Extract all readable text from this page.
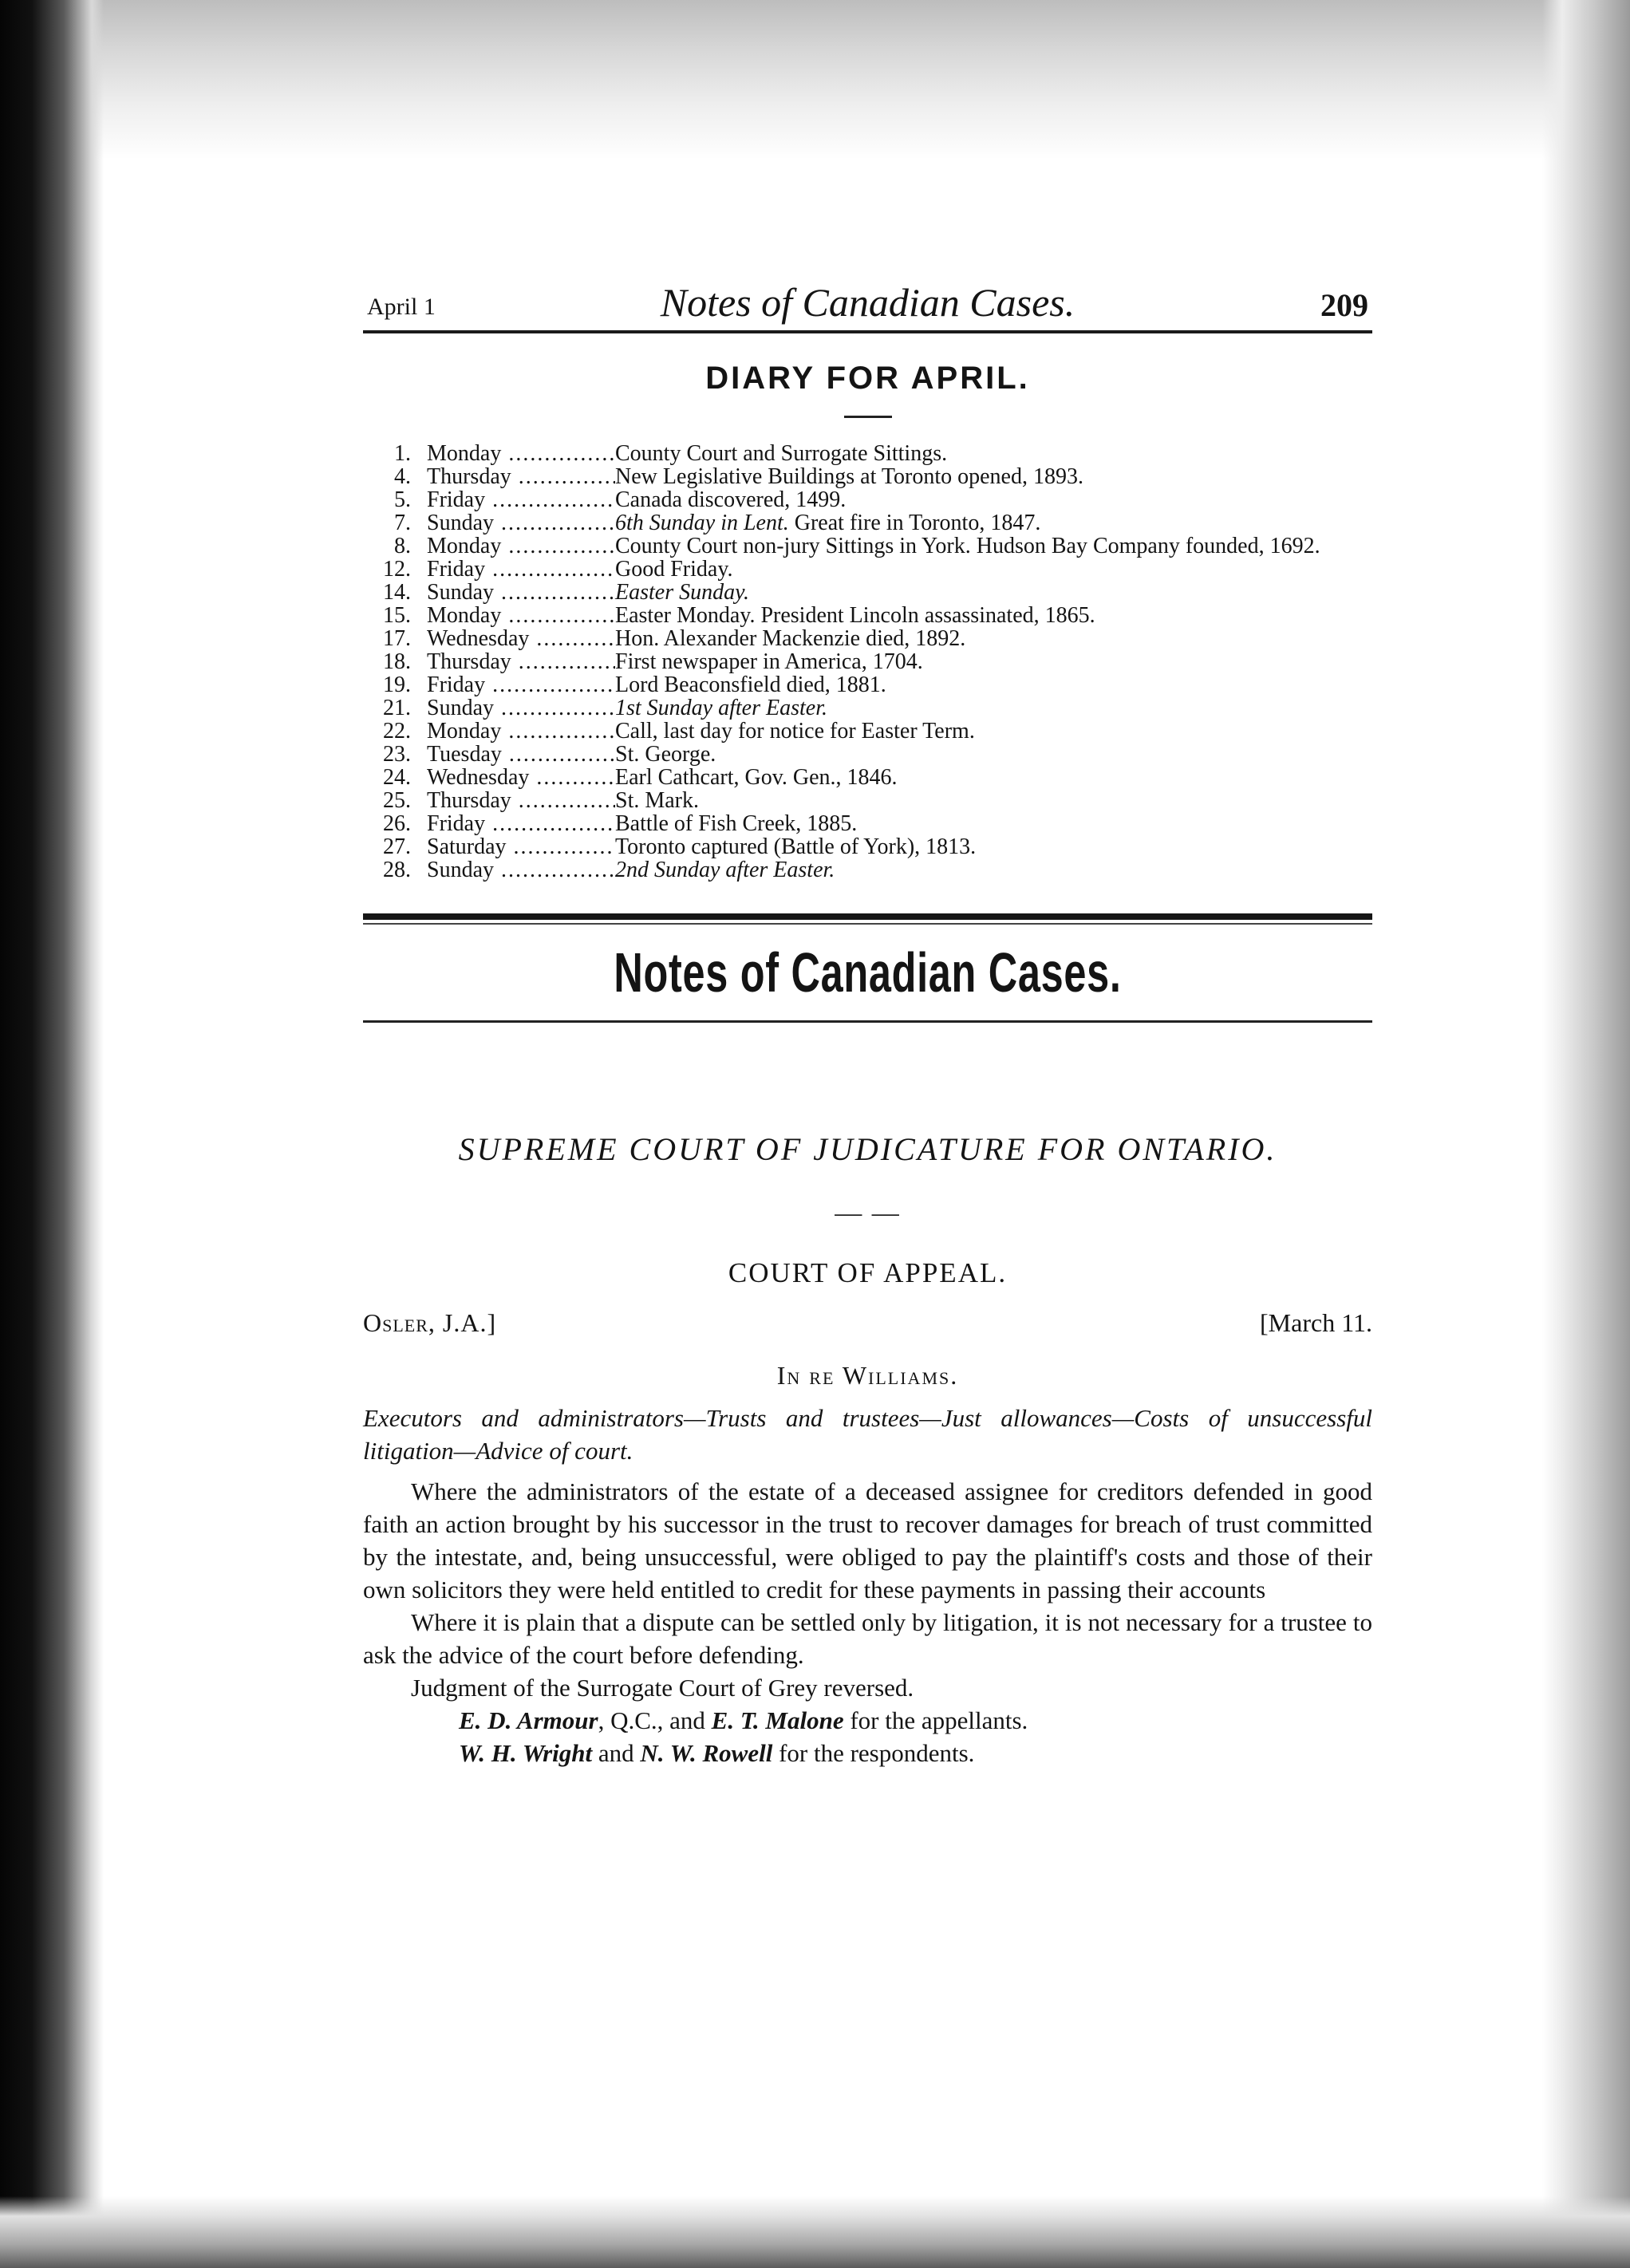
April 1	Notes of Canadian Cases.	209
DIARY FOR APRIL.
1. Monday .....	County Court and Surrogate Sittings.
4. Thursday .....	New Legislative Buildings at Toronto opened, 1893.
5. Friday .....	Canada discovered, 1499.
7. Sunday .....	6th Sunday in Lent. Great fire in Toronto, 1847.
8. Monday .....	County Court non-jury Sittings in York. Hudson Bay Company founded, 1692.
12. Friday .....	Good Friday.
14. Sunday .....	Easter Sunday.
15. Monday .....	Easter Monday. President Lincoln assassinated, 1865.
17. Wednesday .....	Hon. Alexander Mackenzie died, 1892.
18. Thursday .....	First newspaper in America, 1704.
19. Friday .....	Lord Beaconsfield died, 1881.
21. Sunday .....	1st Sunday after Easter.
22. Monday .....	Call, last day for notice for Easter Term.
23. Tuesday .....	St. George.
24. Wednesday .....	Earl Cathcart, Gov. Gen., 1846.
25. Thursday .....	St. Mark.
26. Friday .....	Battle of Fish Creek, 1885.
27. Saturday .....	Toronto captured (Battle of York), 1813.
28. Sunday .....	2nd Sunday after Easter.
Notes of Canadian Cases.
SUPREME COURT OF JUDICATURE FOR ONTARIO.
— —
COURT OF APPEAL.
Osler, J.A.]	[March 11.
In re Williams.
Executors and administrators—Trusts and trustees—Just allowances—Costs of unsuccessful litigation—Advice of court.

Where the administrators of the estate of a deceased assignee for creditors defended in good faith an action brought by his successor in the trust to recover damages for breach of trust committed by the intestate, and, being unsuccessful, were obliged to pay the plaintiff's costs and those of their own solicitors they were held entitled to credit for these payments in passing their accounts

Where it is plain that a dispute can be settled only by litigation, it is not necessary for a trustee to ask the advice of the court before defending.

Judgment of the Surrogate Court of Grey reversed.

E. D. Armour, Q.C., and E. T. Malone for the appellants.

W. H. Wright and N. W. Rowell for the respondents.
